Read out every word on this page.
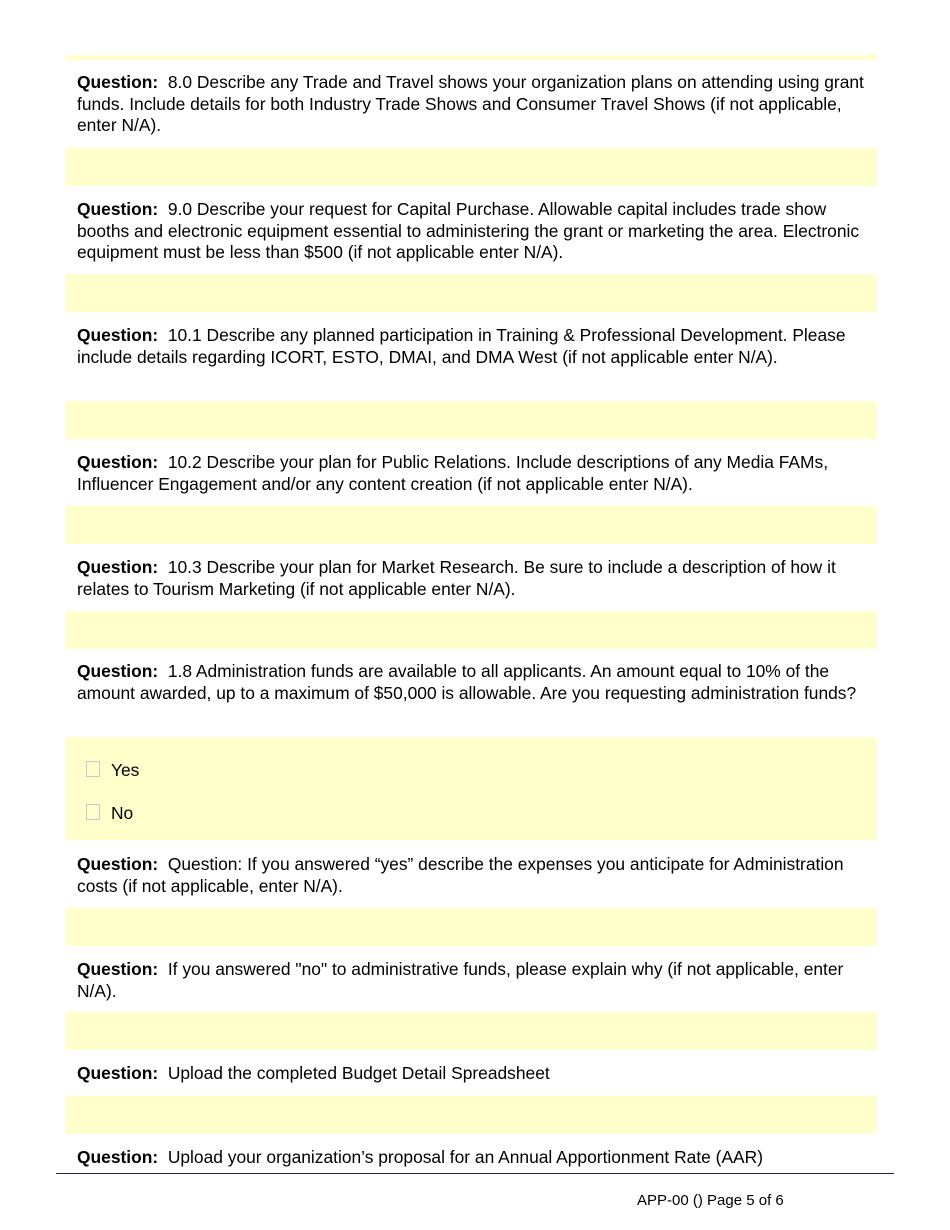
Question: 8.0 Describe any Trade and Travel shows your organization plans on attending using grant funds. Include details for both Industry Trade Shows and Consumer Travel Shows (if not applicable, enter N/A).
Question: 9.0 Describe your request for Capital Purchase. Allowable capital includes trade show booths and electronic equipment essential to administering the grant or marketing the area. Electronic equipment must be less than $500 (if not applicable enter N/A).
Question: 10.1 Describe any planned participation in Training & Professional Development. Please include details regarding ICORT, ESTO, DMAI, and DMA West (if not applicable enter N/A).
Question: 10.2 Describe your plan for Public Relations. Include descriptions of any Media FAMs, Influencer Engagement and/or any content creation (if not applicable enter N/A).
Question: 10.3 Describe your plan for Market Research. Be sure to include a description of how it relates to Tourism Marketing (if not applicable enter N/A).
Question: 1.8 Administration funds are available to all applicants. An amount equal to 10% of the amount awarded, up to a maximum of $50,000 is allowable. Are you requesting administration funds?
Yes
No
Question: Question: If you answered “yes” describe the expenses you anticipate for Administration costs (if not applicable, enter N/A).
Question: If you answered "no" to administrative funds, please explain why (if not applicable, enter N/A).
Question: Upload the completed Budget Detail Spreadsheet
Question: Upload your organization’s proposal for an Annual Apportionment Rate (AAR)
APP-00 () Page 5 of 6
